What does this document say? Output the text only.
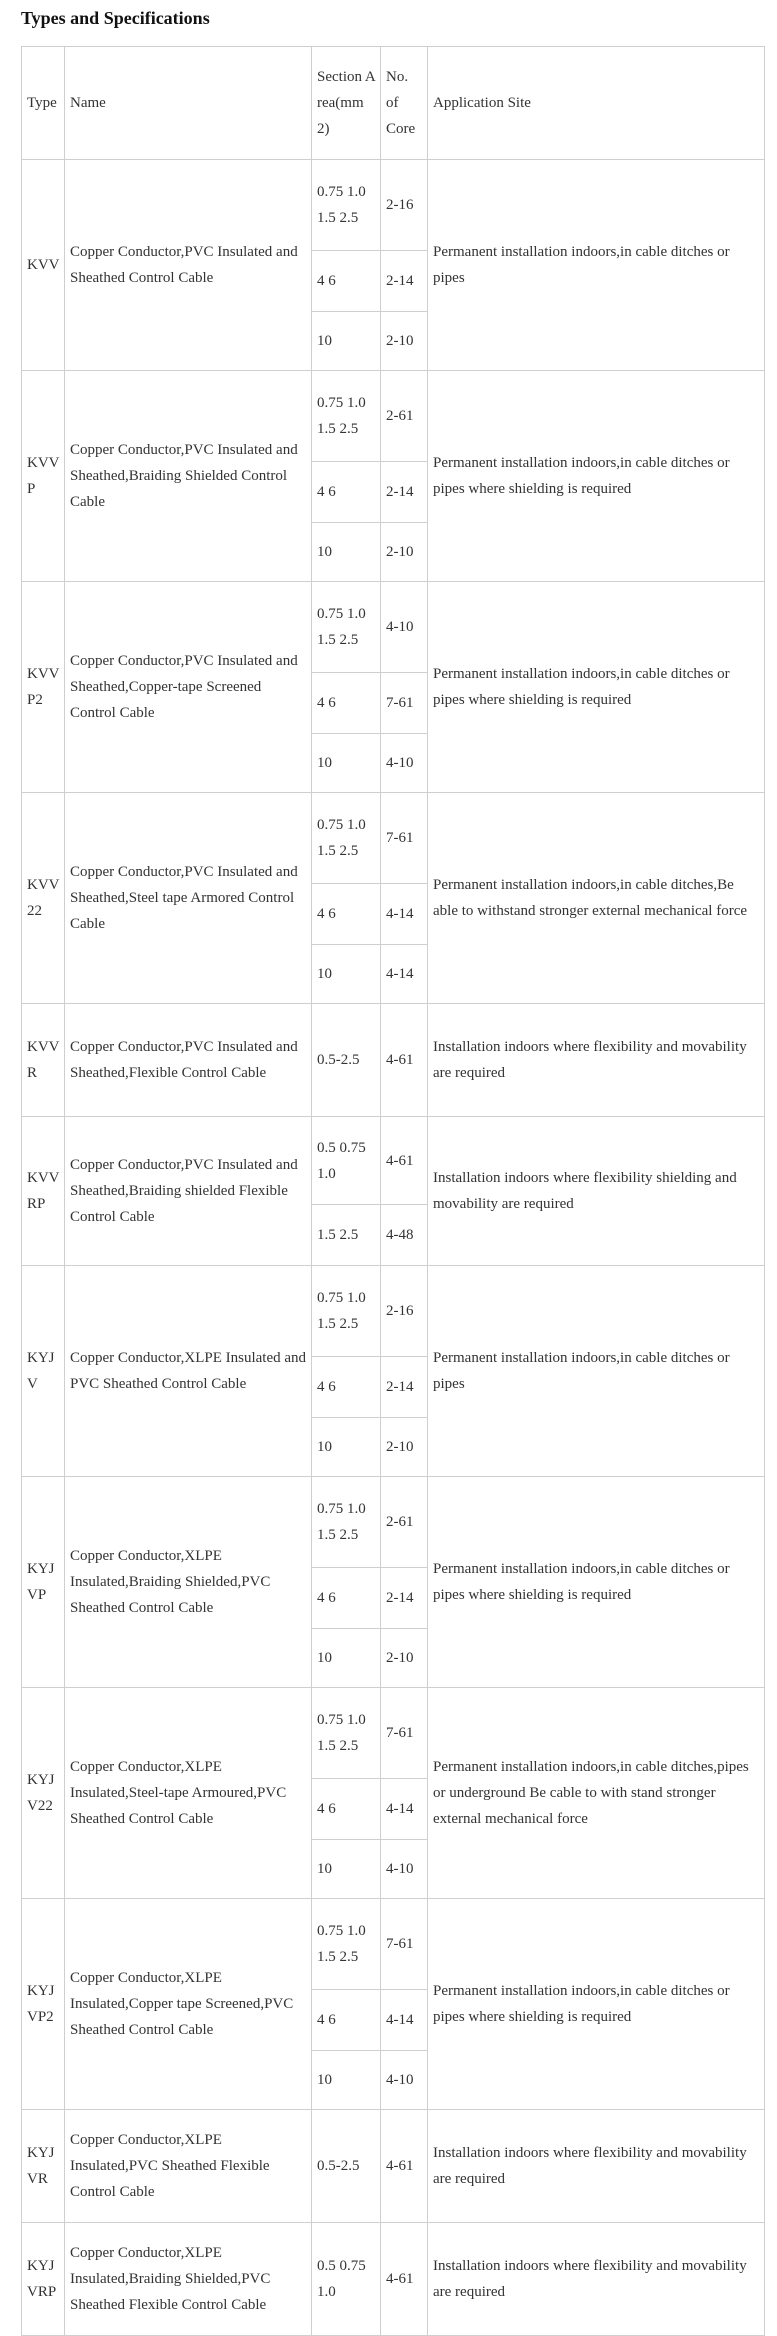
Types and Specifications
Type	Name	Section Area(mm2)	No. of Core	Application Site
KVV	Copper Conductor,PVC Insulated and Sheathed Control Cable	0.75 1.0 1.5 2.5	2-16	Permanent installation indoors,in cable ditches or pipes
		4 6	2-14	
		10	2-10	
KVVP	Copper Conductor,PVC Insulated and Sheathed,Braiding Shielded Control Cable	0.75 1.0 1.5 2.5	2-61	Permanent installation indoors,in cable ditches or pipes where shielding is required
		4 6	2-14	
		10	2-10	
KVVP2	Copper Conductor,PVC Insulated and Sheathed,Copper-tape Screened Control Cable	0.75 1.0 1.5 2.5	4-10	Permanent installation indoors,in cable ditches or pipes where shielding is required
		4 6	7-61	
		10	4-10	
KVV22	Copper Conductor,PVC Insulated and Sheathed,Steel tape Armored Control Cable	0.75 1.0 1.5 2.5	7-61	Permanent installation indoors,in cable ditches,Be able to withstand stronger external mechanical force
		4 6	4-14	
		10	4-14	
KVVR	Copper Conductor,PVC Insulated and Sheathed,Flexible Control Cable	0.5-2.5	4-61	Installation indoors where flexibility and movability are required
KVVRP	Copper Conductor,PVC Insulated and Sheathed,Braiding shielded Flexible Control Cable	0.5 0.75 1.0	4-61	Installation indoors where flexibility shielding and movability are required
		1.5 2.5	4-48	
KYJV	Copper Conductor,XLPE Insulated and PVC Sheathed Control Cable	0.75 1.0 1.5 2.5	2-16	Permanent installation indoors,in cable ditches or pipes
		4 6	2-14	
		10	2-10	
KYJVP	Copper Conductor,XLPE Insulated,Braiding Shielded,PVC Sheathed Control Cable	0.75 1.0 1.5 2.5	2-61	Permanent installation indoors,in cable ditches or pipes where shielding is required
		4 6	2-14	
		10	2-10	
KYJV22	Copper Conductor,XLPE Insulated,Steel-tape Armoured,PVC Sheathed Control Cable	0.75 1.0 1.5 2.5	7-61	Permanent installation indoors,in cable ditches,pipes or underground Be cable to with stand stronger external mechanical force
		4 6	4-14	
		10	4-10	
KYJVP2	Copper Conductor,XLPE Insulated,Copper tape Screened,PVC Sheathed Control Cable	0.75 1.0 1.5 2.5	7-61	Permanent installation indoors,in cable ditches or pipes where shielding is required
		4 6	4-14	
		10	4-10	
KYJVR	Copper Conductor,XLPE Insulated,PVC Sheathed Flexible Control Cable	0.5-2.5	4-61	Installation indoors where flexibility and movability are required
KYJVRP	Copper Conductor,XLPE Insulated,Braiding Shielded,PVC Sheathed Flexible Control Cable	0.5 0.75 1.0	4-61	Installation indoors where flexibility and movability are required
